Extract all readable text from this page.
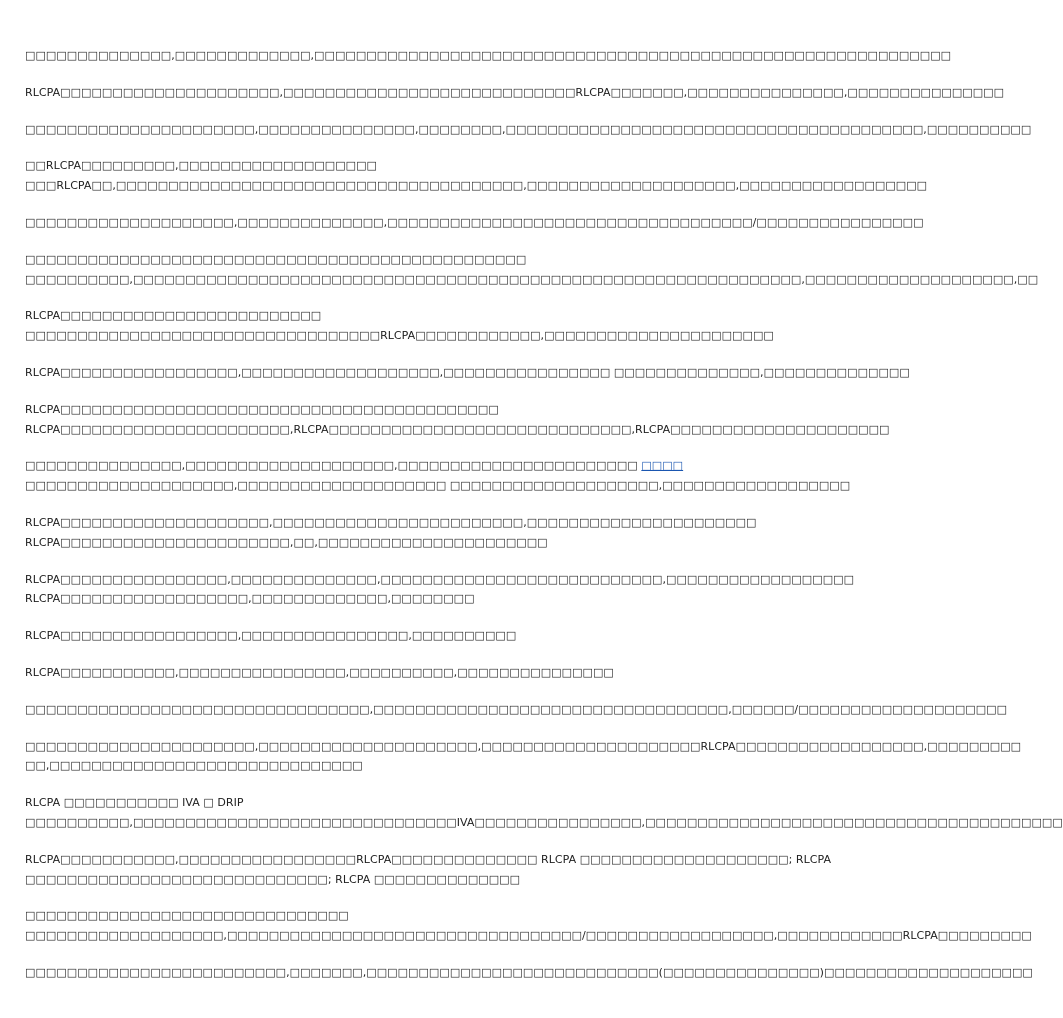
□□□□□□□□□□□□□□,□□□□□□□□□□□□□,□□□□□□□□□□□□□□□□□□□□□□□□□□□□□□□□□□□□□□□□□□□□□□□□□□□□□□□□□□□□□
RLCPA□□□□□□□□□□□□□□□□□□□□□,□□□□□□□□□□□□□□□□□□□□□□□□□□□□RLCPA□□□□□□□,□□□□□□□□□□□□□□□,□□□□□□□□□□□□□□□
□□□□□□□□□□□□□□□□□□□□□□,□□□□□□□□□□□□□□□,□□□□□□□□,□□□□□□□□□□□□□□□□□□□□□□□□□□□□□□□□□□□□□□□□,□□□□□□□□□□
□□RLCPA□□□□□□□□□,□□□□□□□□□□□□□□□□□□□
□□□RLCPA□□,□□□□□□□□□□□□□□□□□□□□□□□□□□□□□□□□□□□□□□□,□□□□□□□□□□□□□□□□□□□□,□□□□□□□□□□□□□□□□□□
□□□□□□□□□□□□□□□□□□□□,□□□□□□□□□□□□□□,□□□□□□□□□□□□□□□□□□□□□□□□□□□□□□□□□□□/□□□□□□□□□□□□□□□□
□□□□□□□□□□□□□□□□□□□□□□□□□□□□□□□□□□□□□□□□□□□□□□□□
□□□□□□□□□□,□□□□□□□□□□□□□□□□□□□□□□□□□□□□□□□□□□□□□□□□□□□□□□□□□□□□□□□□□□□□□□□□,□□□□□□□□□□□□□□□□□□□□,□□
RLCPA□□□□□□□□□□□□□□□□□□□□□□□□□
□□□□□□□□□□□□□□□□□□□□□□□□□□□□□□□□□□RLCPA□□□□□□□□□□□□,□□□□□□□□□□□□□□□□□□□□□□
RLCPA□□□□□□□□□□□□□□□□□,□□□□□□□□□□□□□□□□□□□,□□□□□□□□□□□□□□□□ □□□□□□□□□□□□□□,□□□□□□□□□□□□□□
RLCPA□□□□□□□□□□□□□□□□□□□□□□□□□□□□□□□□□□□□□□□□□□
RLCPA□□□□□□□□□□□□□□□□□□□□□□,RLCPA□□□□□□□□□□□□□□□□□□□□□□□□□□□□□,RLCPA□□□□□□□□□□□□□□□□□□□□□
□□□□□□□□□□□□□□□,□□□□□□□□□□□□□□□□□□□□,□□□□□□□□□□□□□□□□□□□□□□□ □□□□
□□□□□□□□□□□□□□□□□□□□,□□□□□□□□□□□□□□□□□□□□ □□□□□□□□□□□□□□□□□□□□,□□□□□□□□□□□□□□□□□□
RLCPA□□□□□□□□□□□□□□□□□□□□,□□□□□□□□□□□□□□□□□□□□□□□□,□□□□□□□□□□□□□□□□□□□□□□
RLCPA□□□□□□□□□□□□□□□□□□□□□□,□□,□□□□□□□□□□□□□□□□□□□□□□
RLCPA□□□□□□□□□□□□□□□□,□□□□□□□□□□□□□□,□□□□□□□□□□□□□□□□□□□□□□□□□□□,□□□□□□□□□□□□□□□□□□
RLCPA□□□□□□□□□□□□□□□□□□,□□□□□□□□□□□□□,□□□□□□□□
RLCPA□□□□□□□□□□□□□□□□□,□□□□□□□□□□□□□□□□,□□□□□□□□□□
RLCPA□□□□□□□□□□□,□□□□□□□□□□□□□□□□,□□□□□□□□□□,□□□□□□□□□□□□□□□
□□□□□□□□□□□□□□□□□□□□□□□□□□□□□□□□□,□□□□□□□□□□□□□□□□□□□□□□□□□□□□□□□□□□,□□□□□□/□□□□□□□□□□□□□□□□□□□□
□□□□□□□□□□□□□□□□□□□□□□,□□□□□□□□□□□□□□□□□□□□□,□□□□□□□□□□□□□□□□□□□□□RLCPA□□□□□□□□□□□□□□□□□□,□□□□□□□□□
□□,□□□□□□□□□□□□□□□□□□□□□□□□□□□□□□
RLCPA □□□□□□□□□□□ IVA □ DRIP
□□□□□□□□□□,□□□□□□□□□□□□□□□□□□□□□□□□□□□□□□□IVA□□□□□□□□□□□□□□□□,□□□□□□□□□□□□□□□□□□□□□□□□□□□□□□□□□□□□□□□□
RLCPA□□□□□□□□□□□,□□□□□□□□□□□□□□□□□RLCPA□□□□□□□□□□□□□□ RLCPA □□□□□□□□□□□□□□□□□□□□; RLCPA
□□□□□□□□□□□□□□□□□□□□□□□□□□□□□; RLCPA □□□□□□□□□□□□□□
□□□□□□□□□□□□□□□□□□□□□□□□□□□□□□□
□□□□□□□□□□□□□□□□□□□,□□□□□□□□□□□□□□□□□□□□□□□□□□□□□□□□□□/□□□□□□□□□□□□□□□□□□,□□□□□□□□□□□□RLCPA□□□□□□□□□
□□□□□□□□□□□□□□□□□□□□□□□□□,□□□□□□□,□□□□□□□□□□□□□□□□□□□□□□□□□□□□(□□□□□□□□□□□□□□□)□□□□□□□□□□□□□□□□□□□□
